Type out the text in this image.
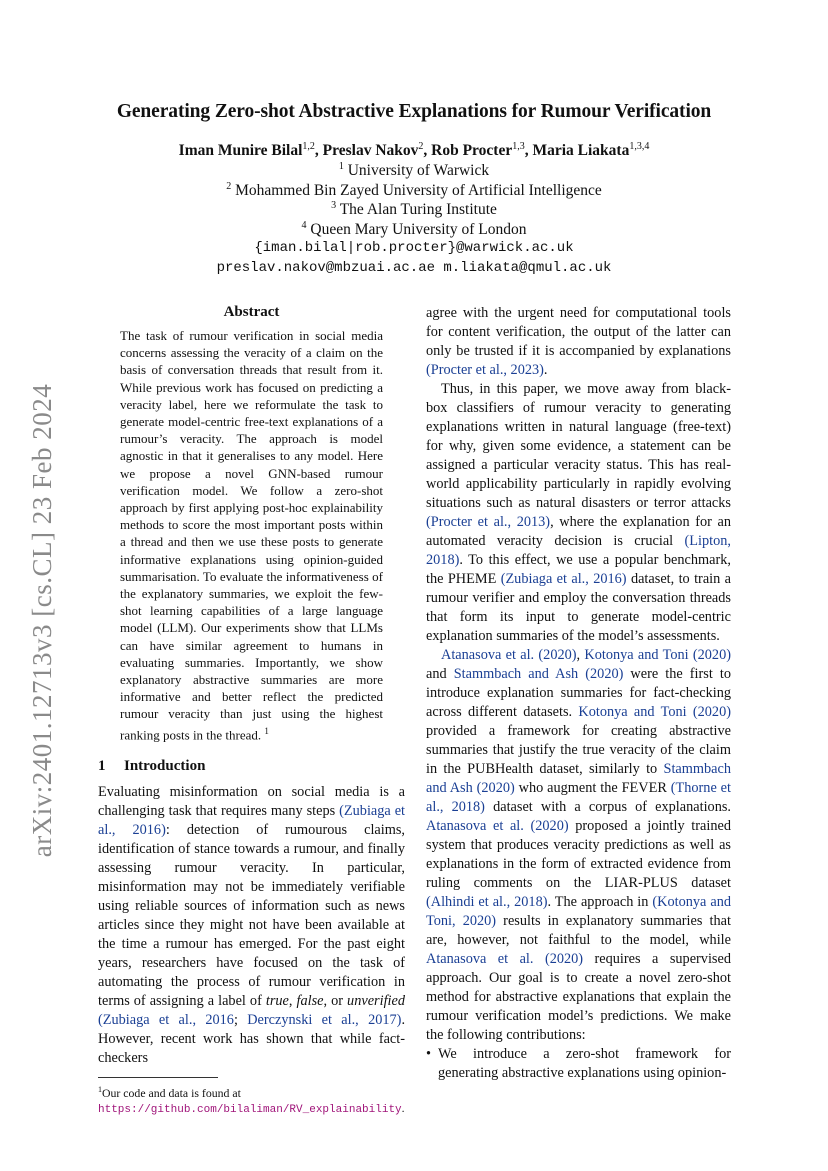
arXiv:2401.12713v3 [cs.CL] 23 Feb 2024
Generating Zero-shot Abstractive Explanations for Rumour Verification
Iman Munire Bilal$^{1,2}$, Preslav Nakov$^2$, Rob Procter$^{1,3}$, Maria Liakata$^{1,3,4}$
$^1$ University of Warwick
$^2$ Mohammed Bin Zayed University of Artificial Intelligence
$^3$ The Alan Turing Institute
$^4$ Queen Mary University of London
{iman.bilal|rob.procter}@warwick.ac.uk
preslav.nakov@mbzuai.ac.ae m.liakata@qmul.ac.uk
Abstract
The task of rumour verification in social media concerns assessing the veracity of a claim on the basis of conversation threads that result from it. While previous work has focused on predicting a veracity label, here we reformulate the task to generate model-centric free-text explanations of a rumour’s veracity. The approach is model agnostic in that it generalises to any model. Here we propose a novel GNN-based rumour verification model. We follow a zero-shot approach by first applying post-hoc explainability methods to score the most important posts within a thread and then we use these posts to generate informative explanations using opinion-guided summarisation. To evaluate the informativeness of the explanatory summaries, we exploit the few-shot learning capabilities of a large language model (LLM). Our experiments show that LLMs can have similar agreement to humans in evaluating summaries. Importantly, we show explanatory abstractive summaries are more informative and better reflect the predicted rumour veracity than just using the highest ranking posts in the thread. $^1$
1 Introduction

Evaluating misinformation on social media is a challenging task that requires many steps (Zubiaga et al., 2016): detection of rumourous claims, identification of stance towards a rumour, and finally assessing rumour veracity. In particular, misinformation may not be immediately verifiable using reliable sources of information such as news articles since they might not have been available at the time a rumour has emerged. For the past eight years, researchers have focused on the task of automating the process of rumour verification in terms of assigning a label of true, false, or unverified (Zubiaga et al., 2016; Derczynski et al., 2017). However, recent work has shown that while fact-checkers

$^1$Our code and data is found at https://github.com/bilaliman/RV_explainability.

agree with the urgent need for computational tools for content verification, the output of the latter can only be trusted if it is accompanied by explanations (Procter et al., 2023).

Thus, in this paper, we move away from black-box classifiers of rumour veracity to generating explanations written in natural language (free-text) for why, given some evidence, a statement can be assigned a particular veracity status. This has real-world applicability particularly in rapidly evolving situations such as natural disasters or terror attacks (Procter et al., 2013), where the explanation for an automated veracity decision is crucial (Lipton, 2018). To this effect, we use a popular benchmark, the PHEME (Zubiaga et al., 2016) dataset, to train a rumour verifier and employ the conversation threads that form its input to generate model-centric explanation summaries of the model’s assessments.

Atanasova et al. (2020), Kotonya and Toni (2020) and Stammbach and Ash (2020) were the first to introduce explanation summaries for fact-checking across different datasets. Kotonya and Toni (2020) provided a framework for creating abstractive summaries that justify the true veracity of the claim in the PUBHealth dataset, similarly to Stammbach and Ash (2020) who augment the FEVER (Thorne et al., 2018) dataset with a corpus of explanations. Atanasova et al. (2020) proposed a jointly trained system that produces veracity predictions as well as explanations in the form of extracted evidence from ruling comments on the LIAR-PLUS dataset (Alhindi et al., 2018). The approach in (Kotonya and Toni, 2020) results in explanatory summaries that are, however, not faithful to the model, while Atanasova et al. (2020) requires a supervised approach. Our goal is to create a novel zero-shot method for abstractive explanations that explain the rumour verification model’s predictions. We make the following contributions:

• We introduce a zero-shot framework for generating abstractive explanations using opinion-
